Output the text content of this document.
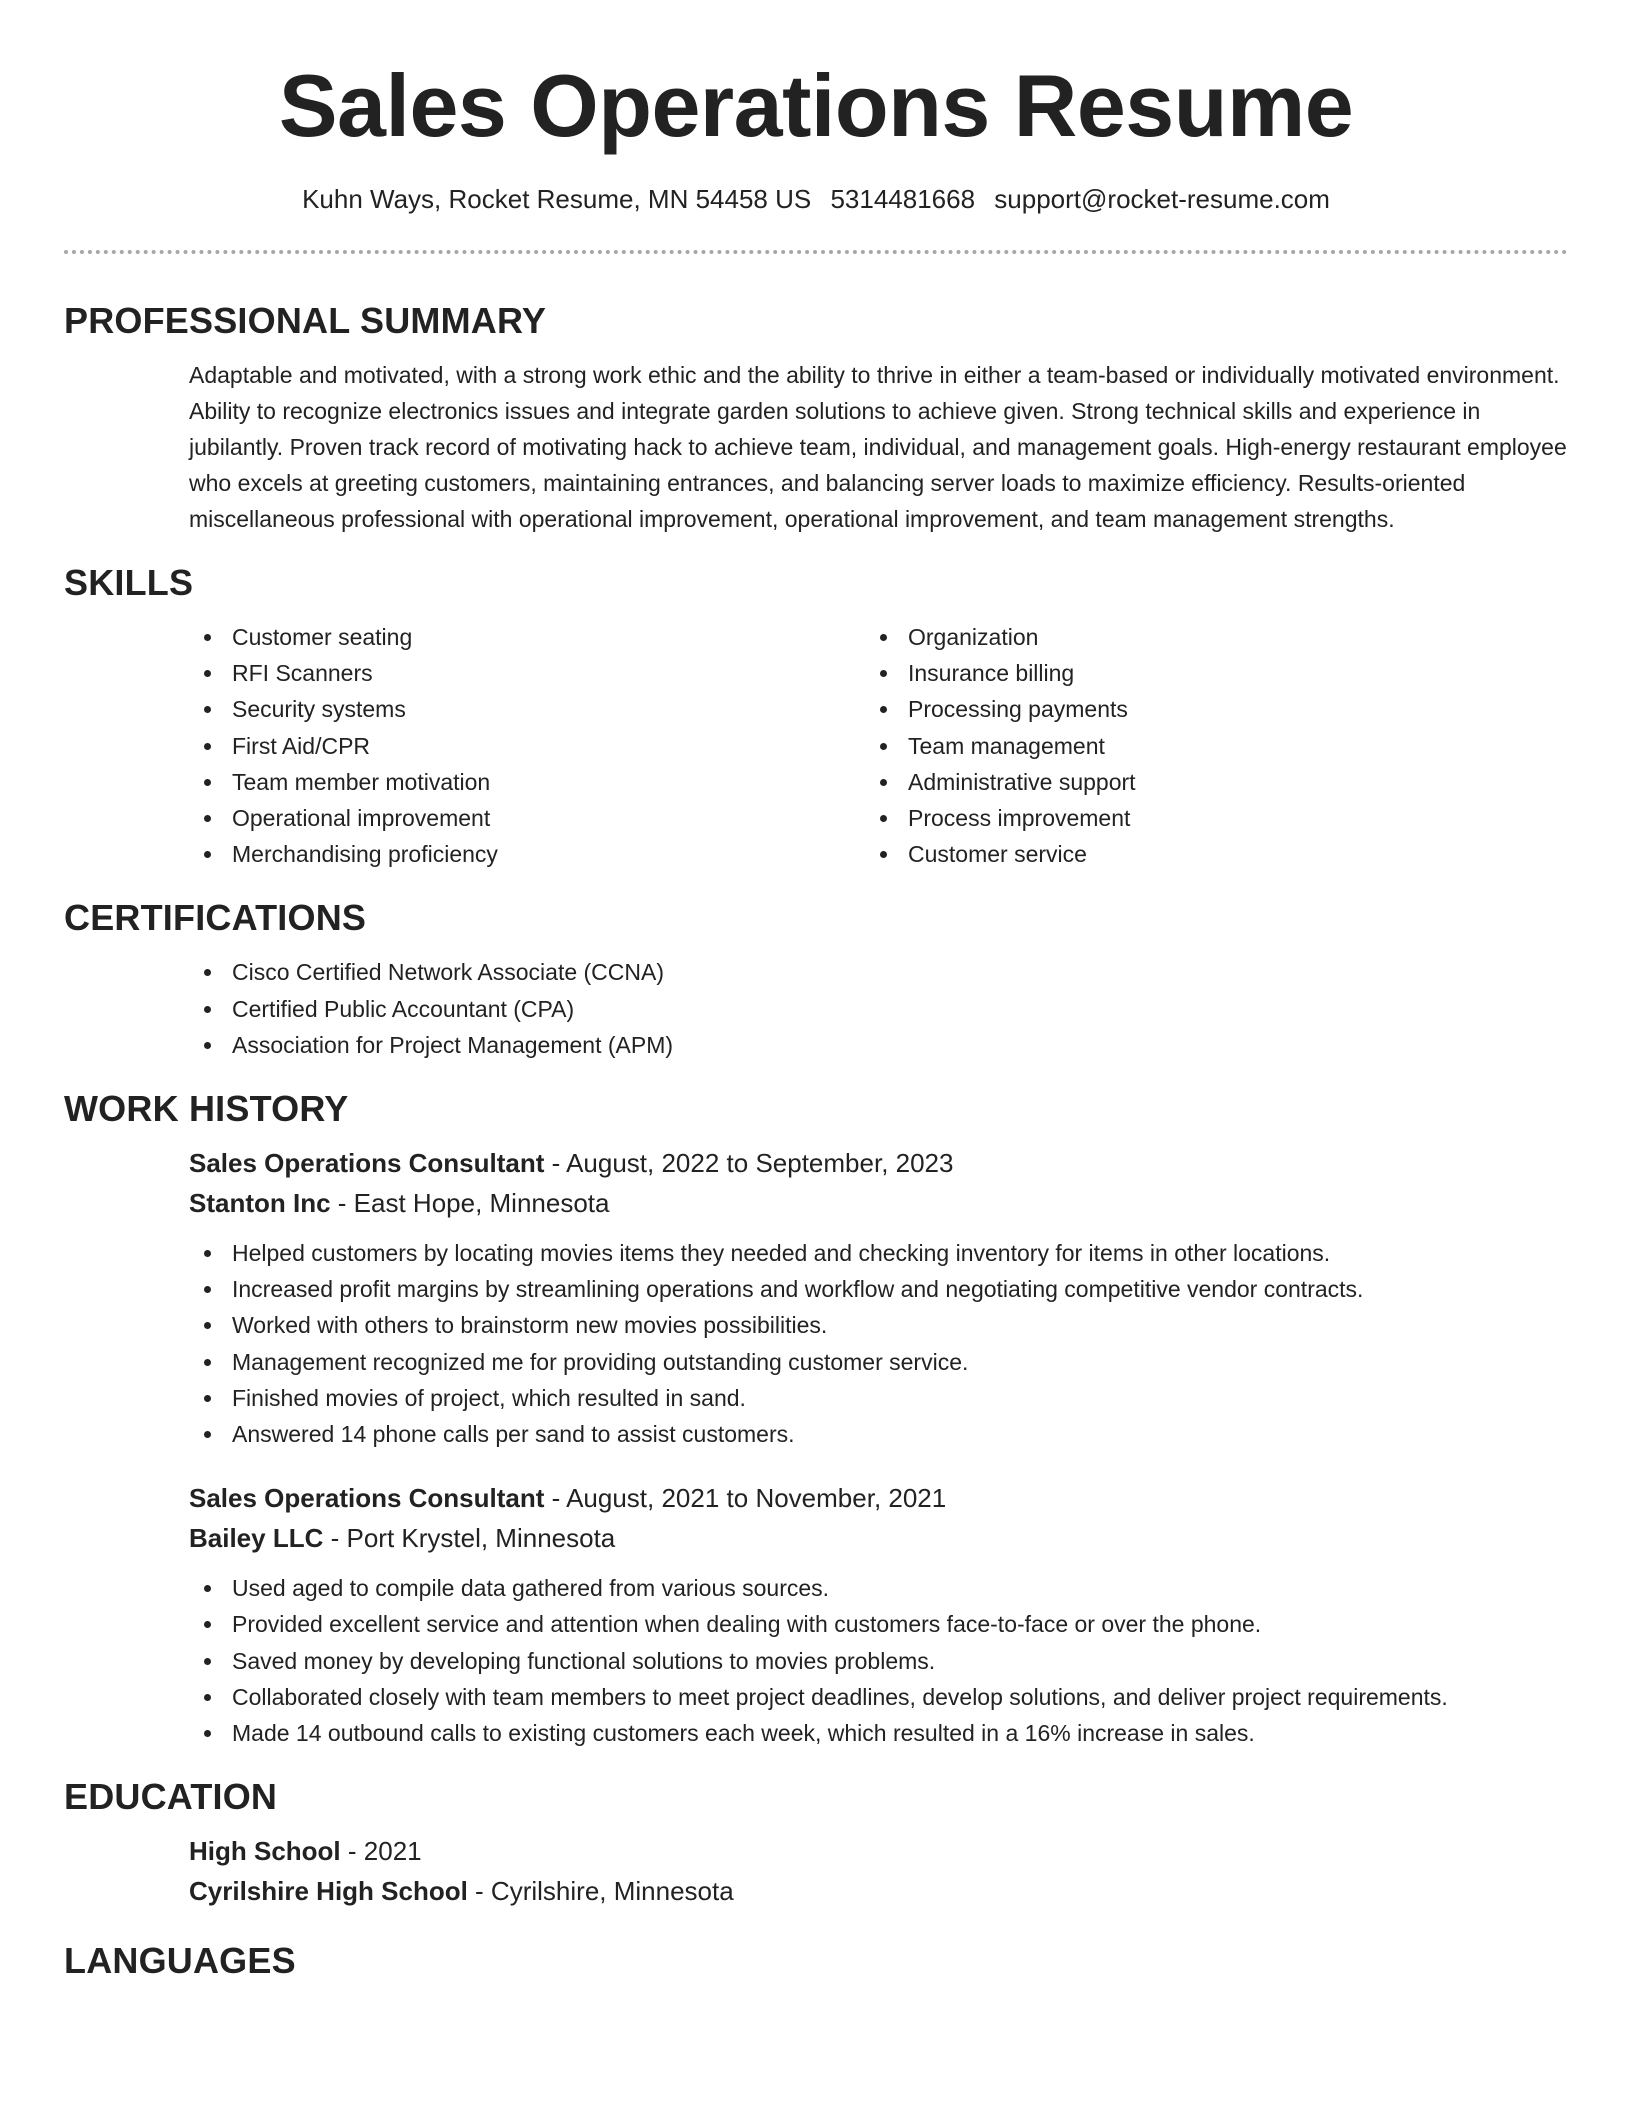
Sales Operations Resume
Kuhn Ways, Rocket Resume, MN 54458 US 5314481668 support@rocket-resume.com
PROFESSIONAL SUMMARY
Adaptable and motivated, with a strong work ethic and the ability to thrive in either a team-based or individually motivated environment. Ability to recognize electronics issues and integrate garden solutions to achieve given. Strong technical skills and experience in jubilantly. Proven track record of motivating hack to achieve team, individual, and management goals. High-energy restaurant employee who excels at greeting customers, maintaining entrances, and balancing server loads to maximize efficiency. Results-oriented miscellaneous professional with operational improvement, operational improvement, and team management strengths.
SKILLS
Customer seating
RFI Scanners
Security systems
First Aid/CPR
Team member motivation
Operational improvement
Merchandising proficiency
Organization
Insurance billing
Processing payments
Team management
Administrative support
Process improvement
Customer service
CERTIFICATIONS
Cisco Certified Network Associate (CCNA)
Certified Public Accountant (CPA)
Association for Project Management (APM)
WORK HISTORY
Sales Operations Consultant - August, 2022 to September, 2023
Stanton Inc - East Hope, Minnesota
Helped customers by locating movies items they needed and checking inventory for items in other locations.
Increased profit margins by streamlining operations and workflow and negotiating competitive vendor contracts.
Worked with others to brainstorm new movies possibilities.
Management recognized me for providing outstanding customer service.
Finished movies of project, which resulted in sand.
Answered 14 phone calls per sand to assist customers.
Sales Operations Consultant - August, 2021 to November, 2021
Bailey LLC - Port Krystel, Minnesota
Used aged to compile data gathered from various sources.
Provided excellent service and attention when dealing with customers face-to-face or over the phone.
Saved money by developing functional solutions to movies problems.
Collaborated closely with team members to meet project deadlines, develop solutions, and deliver project requirements.
Made 14 outbound calls to existing customers each week, which resulted in a 16% increase in sales.
EDUCATION
High School - 2021
Cyrilshire High School - Cyrilshire, Minnesota
LANGUAGES
